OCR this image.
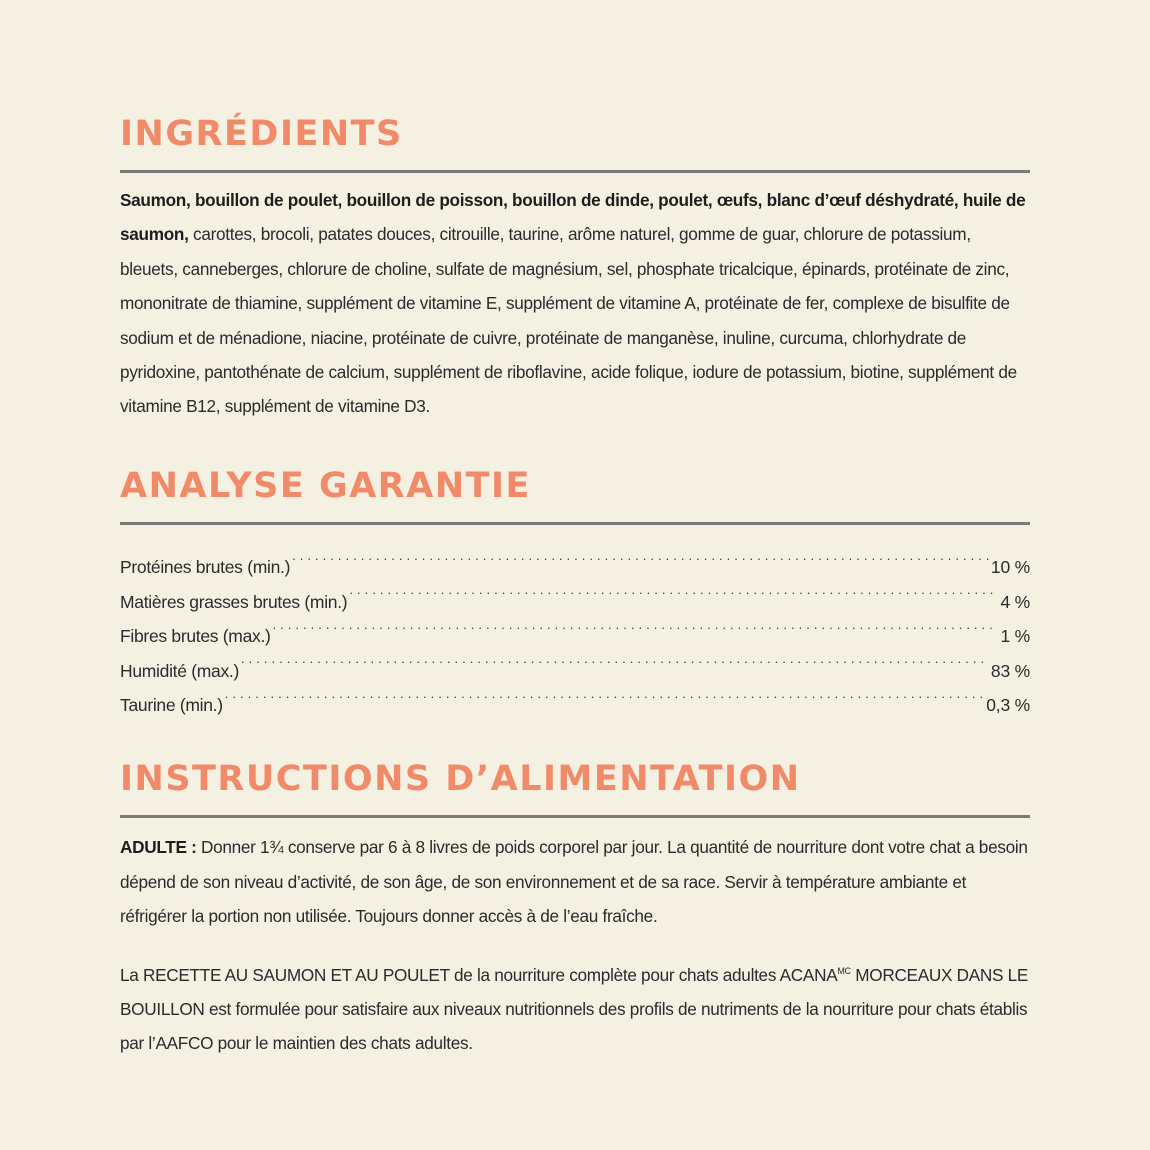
INGRÉDIENTS

Saumon, bouillon de poulet, bouillon de poisson, bouillon de dinde, poulet, œufs, blanc d’œuf déshydraté, huile de saumon, carottes, brocoli, patates douces, citrouille, taurine, arôme naturel, gomme de guar, chlorure de potassium, bleuets, canneberges, chlorure de choline, sulfate de magnésium, sel, phosphate tricalcique, épinards, protéinate de zinc, mononitrate de thiamine, supplément de vitamine E, supplément de vitamine A, protéinate de fer, complexe de bisulfite de sodium et de ménadione, niacine, protéinate de cuivre, protéinate de manganèse, inuline, curcuma, chlorhydrate de pyridoxine, pantothénate de calcium, supplément de riboflavine, acide folique, iodure de potassium, biotine, supplément de vitamine B12, supplément de vitamine D3.

ANALYSE GARANTIE
Protéines brutes (min.) . . .	10 %
Matières grasses brutes (min.) . . .	4 %
Fibres brutes (max.) . . .	1 %
Humidité (max.) . . .	83 %
Taurine (min.) . . .	0,3 %
INSTRUCTIONS D’ALIMENTATION

ADULTE : Donner 1¾ conserve par 6 à 8 livres de poids corporel par jour. La quantité de nourriture dont votre chat a besoin dépend de son niveau d’activité, de son âge, de son environnement et de sa race. Servir à température ambiante et réfrigérer la portion non utilisée. Toujours donner accès à de l’eau fraîche.

La RECETTE AU SAUMON ET AU POULET de la nourriture complète pour chats adultes $ACANA^{MC}$ MORCEAUX DANS LE BOUILLON est formulée pour satisfaire aux niveaux nutritionnels des profils de nutriments de la nourriture pour chats établis par l’AAFCO pour le maintien des chats adultes.
